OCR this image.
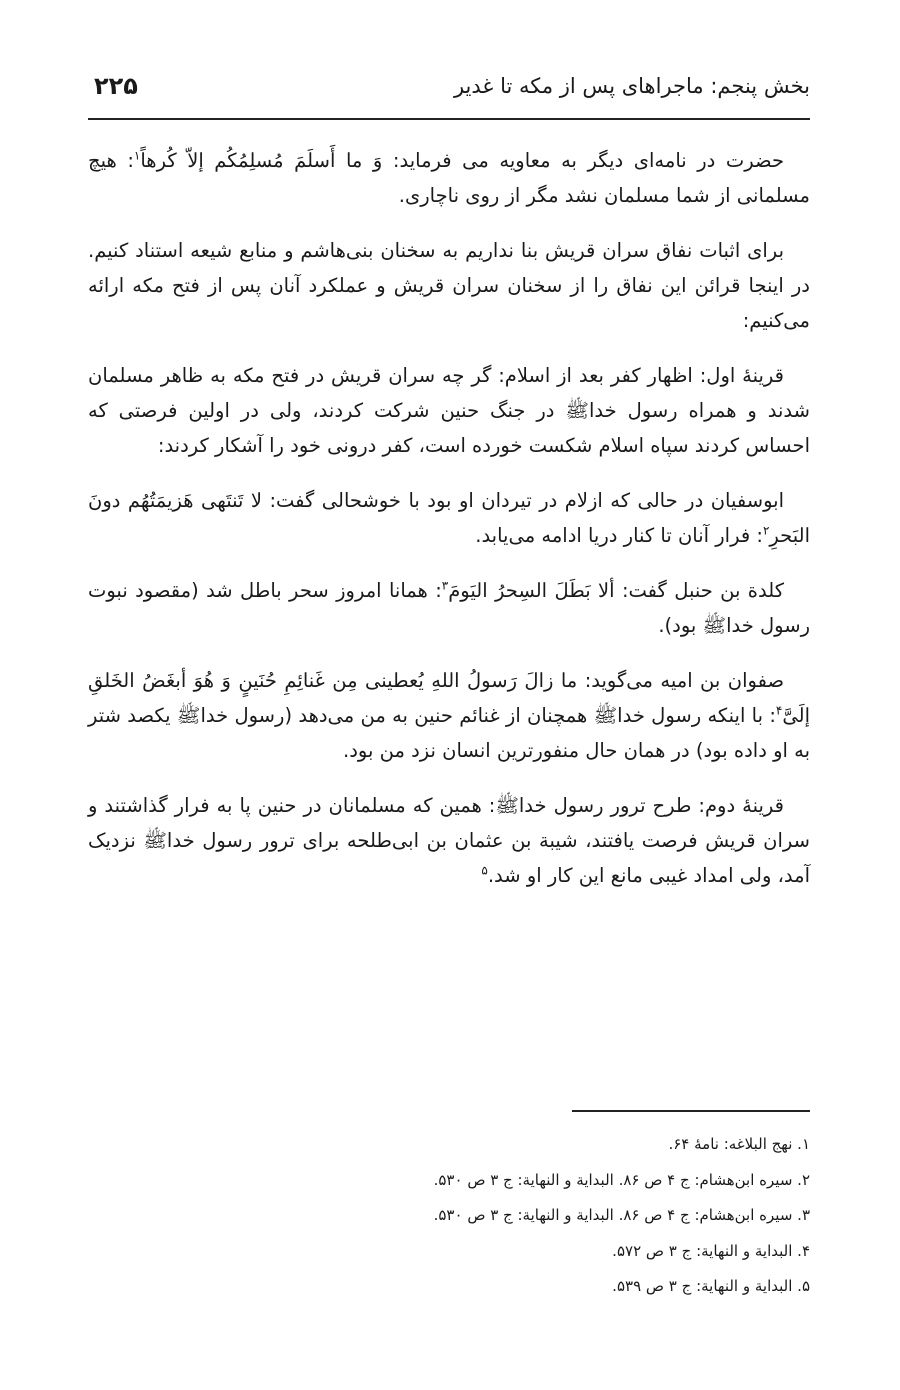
بخش پنجم: ماجراهای پس از مکه تا غدیر
۲۲۵

حضرت در نامه‌ای دیگر به معاویه می فرماید: وَ ما أَسلَمَ مُسلِمُکُم إلاّ کُرهاً$^۱$: هیچ مسلمانی از شما مسلمان نشد مگر از روی ناچاری.

برای اثبات نفاق سران قریش بنا نداریم به سخنان بنی‌هاشم و منابع شیعه استناد کنیم. در اینجا قرائن این نفاق را از سخنان سران قریش و عملکرد آنان پس از فتح مکه ارائه می‌کنیم:

قرینهٔ اول: اظهار کفر بعد از اسلام: گر چه سران قریش در فتح مکه به ظاهر مسلمان شدند و همراه رسول خداﷺ در جنگ حنین شرکت کردند، ولی در اولین فرصتی که احساس کردند سپاه اسلام شکست خورده است، کفر درونی خود را آشکار کردند:

ابوسفیان در حالی که ازلام در تیردان او بود با خوشحالی گفت: لا تَنتَهی هَزیمَتُهُم دونَ البَحرِ$^۲$: فرار آنان تا کنار دریا ادامه می‌یابد.

کلدة بن حنبل گفت: ألا بَطَلَ السِحرُ الیَومَ$^۳$: همانا امروز سحر باطل شد (مقصود نبوت رسول خداﷺ بود).

صفوان بن امیه می‌گوید: ما زالَ رَسولُ اللهِ یُعطینی مِن غَنائِمِ حُنَینٍ وَ هُوَ أبغَضُ الخَلقِ إلَیَّ$^۴$: با اینکه رسول خداﷺ همچنان از غنائم حنین به من می‌دهد (رسول خداﷺ یکصد شتر به او داده بود) در همان حال منفورترین انسان نزد من بود.

قرینهٔ دوم: طرح ترور رسول خداﷺ: همین که مسلمانان در حنین پا به فرار گذاشتند و سران قریش فرصت یافتند، شیبة بن عثمان بن ابی‌طلحه برای ترور رسول خداﷺ نزدیک آمد، ولی امداد غیبی مانع این کار او شد.$^۵$

۱. نهج البلاغه: نامهٔ ۶۴.
۲. سیره ابن‌هشام: ج ۴ ص ۸۶. البدایة و النهایة: ج ۳ ص ۵۳۰.
۳. سیره ابن‌هشام: ج ۴ ص ۸۶. البدایة و النهایة: ج ۳ ص ۵۳۰.
۴. البدایة و النهایة: ج ۳ ص ۵۷۲.
۵. البدایة و النهایة: ج ۳ ص ۵۳۹.
